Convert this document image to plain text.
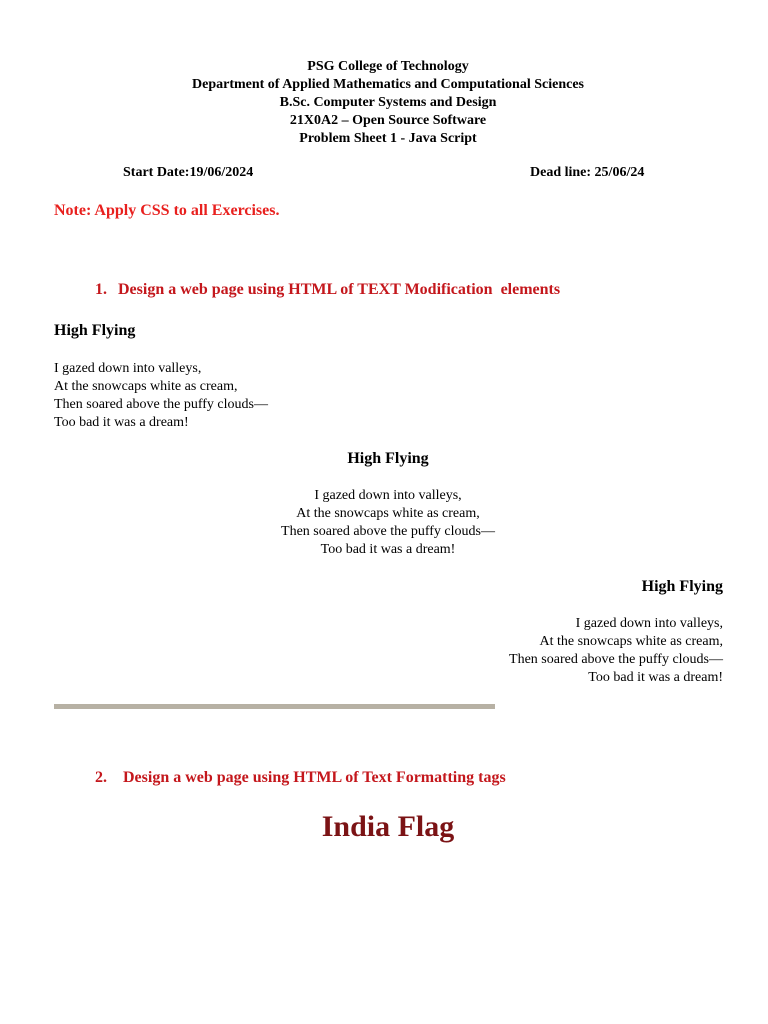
PSG College of Technology
Department of Applied Mathematics and Computational Sciences
B.Sc. Computer Systems and Design
21X0A2 – Open Source Software
Problem Sheet 1 - Java Script
Start Date:19/06/2024	Dead line: 25/06/24
Note: Apply CSS to all Exercises.
1. Design a web page using HTML of TEXT Modification  elements
High Flying
I gazed down into valleys,
At the snowcaps white as cream,
Then soared above the puffy clouds—
Too bad it was a dream!
High Flying
I gazed down into valleys,
At the snowcaps white as cream,
Then soared above the puffy clouds—
Too bad it was a dream!
High Flying
I gazed down into valleys,
At the snowcaps white as cream,
Then soared above the puffy clouds—
Too bad it was a dream!
2. Design a web page using HTML of Text Formatting tags
India Flag
